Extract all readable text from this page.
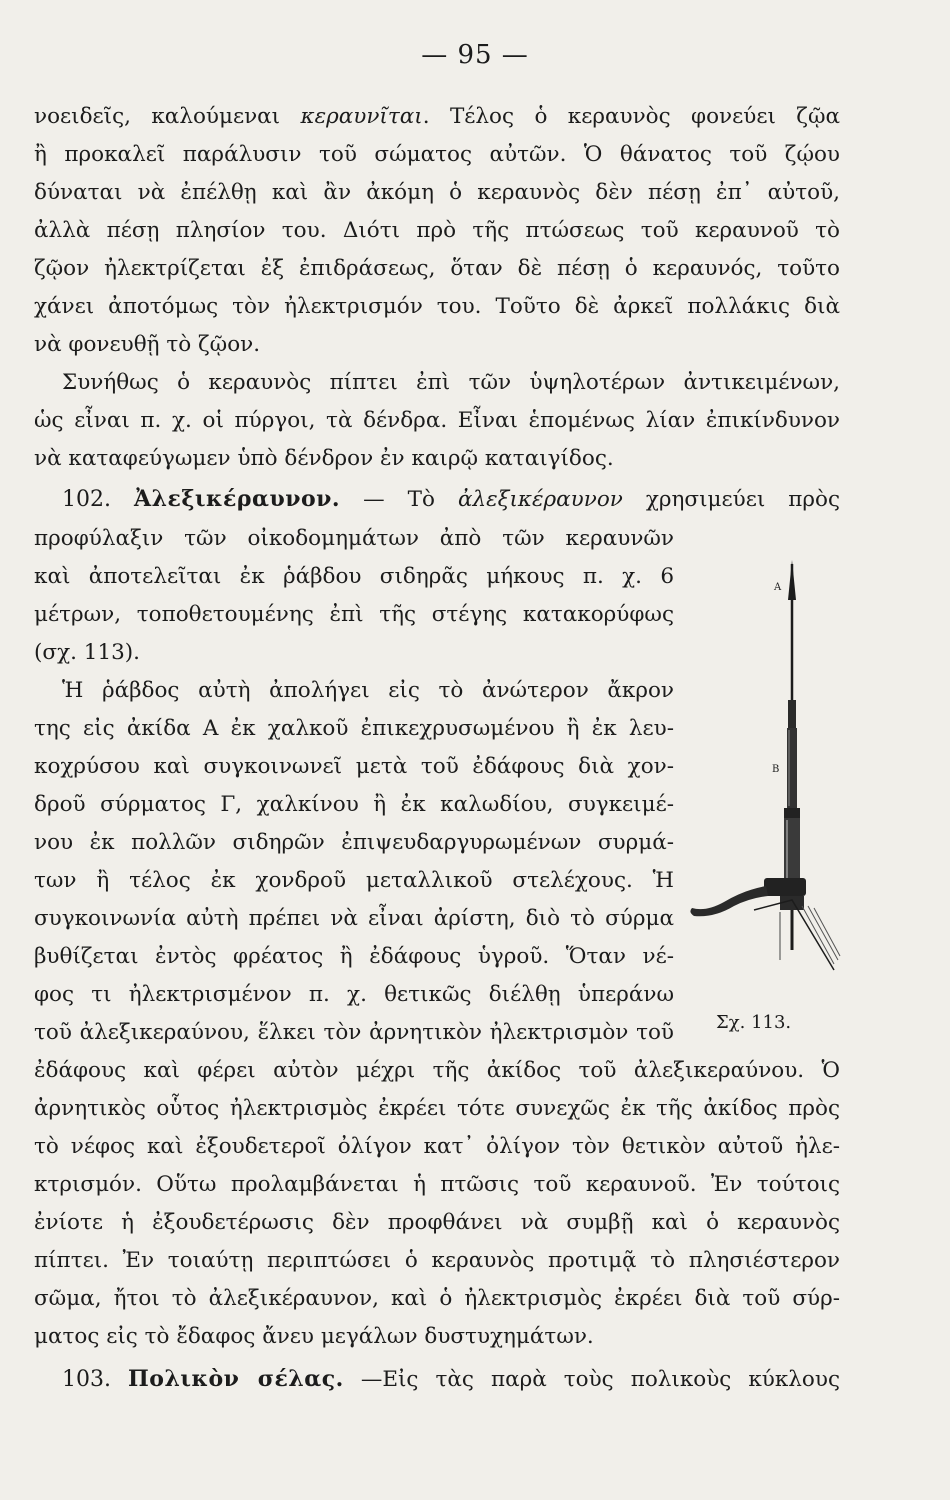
— 95 —
νοειδεῖς, καλούμεναι κεραυνῖται. Τέλος ὁ κεραυνὸς φονεύει ζῷα
ἢ προκαλεῖ παράλυσιν τοῦ σώματος αὐτῶν. Ὁ θάνατος τοῦ ζῴου
δύναται νὰ ἐπέλθῃ καὶ ἂν ἀκόμη ὁ κεραυνὸς δὲν πέσῃ ἐπ᾽ αὐτοῦ,
ἀλλὰ πέσῃ πλησίον του. Διότι πρὸ τῆς πτώσεως τοῦ κεραυνοῦ τὸ
ζῷον ἠλεκτρίζεται ἐξ ἐπιδράσεως, ὅταν δὲ πέσῃ ὁ κεραυνός, τοῦτο
χάνει ἀποτόμως τὸν ἠλεκτρισμόν του. Τοῦτο δὲ ἀρκεῖ πολλάκις διὰ
νὰ φονευθῇ τὸ ζῷον.
Συνήθως ὁ κεραυνὸς πίπτει ἐπὶ τῶν ὑψηλοτέρων ἀντικειμένων,
ὡς εἶναι π. χ. οἱ πύργοι, τὰ δένδρα. Εἶναι ἑπομένως λίαν ἐπικίνδυνον
νὰ καταφεύγωμεν ὑπὸ δένδρον ἐν καιρῷ καταιγίδος.
102. Ἀλεξικέραυνον. — Τὸ ἀλεξικέραυνον χρησιμεύει πρὸς
προφύλαξιν τῶν οἰκοδομημάτων ἀπὸ τῶν κεραυνῶν
καὶ ἀποτελεῖται ἐκ ῥάβδου σιδηρᾶς μήκους π. χ. 6
μέτρων, τοποθετουμένης ἐπὶ τῆς στέγης κατακορύφως
(σχ. 113).
Ἡ ῥάβδος αὐτὴ ἀπολήγει εἰς τὸ ἀνώτερον ἄκρον
της εἰς ἀκίδα Α ἐκ χαλκοῦ ἐπικεχρυσωμένου ἢ ἐκ λευ-
κοχρύσου καὶ συγκοινωνεῖ μετὰ τοῦ ἐδάφους διὰ χον-
δροῦ σύρματος Γ, χαλκίνου ἢ ἐκ καλωδίου, συγκειμέ-
νου ἐκ πολλῶν σιδηρῶν ἐπιψευδαργυρωμένων συρμά-
των ἢ τέλος ἐκ χονδροῦ μεταλλικοῦ στελέχους. Ἡ
συγκοινωνία αὐτὴ πρέπει νὰ εἶναι ἀρίστη, διὸ τὸ σύρμα
βυθίζεται ἐντὸς φρέατος ἢ ἐδάφους ὑγροῦ. Ὅταν νέ-
φος τι ἠλεκτρισμένον π. χ. θετικῶς διέλθῃ ὑπεράνω
τοῦ ἀλεξικεραύνου, ἕλκει τὸν ἀρνητικὸν ἠλεκτρισμὸν τοῦ
ἐδάφους καὶ φέρει αὐτὸν μέχρι τῆς ἀκίδος τοῦ ἀλεξικεραύνου. Ὁ
ἀρνητικὸς οὗτος ἠλεκτρισμὸς ἐκρέει τότε συνεχῶς ἐκ τῆς ἀκίδος πρὸς
τὸ νέφος καὶ ἐξουδετεροῖ ὀλίγον κατ᾽ ὀλίγον τὸν θετικὸν αὐτοῦ ἠλε-
κτρισμόν. Οὕτω προλαμβάνεται ἡ πτῶσις τοῦ κεραυνοῦ. Ἐν τούτοις
ἐνίοτε ἡ ἐξουδετέρωσις δὲν προφθάνει νὰ συμβῇ καὶ ὁ κεραυνὸς
πίπτει. Ἐν τοιαύτῃ περιπτώσει ὁ κεραυνὸς προτιμᾷ τὸ πλησιέστερον
σῶμα, ἤτοι τὸ ἀλεξικέραυνον, καὶ ὁ ἠλεκτρισμὸς ἐκρέει διὰ τοῦ σύρ-
ματος εἰς τὸ ἔδαφος ἄνευ μεγάλων δυστυχημάτων.
103. Πολικὸν σέλας. —Εἰς τὰς παρὰ τοὺς πολικοὺς κύκλους
Α
Β
Σχ. 113.
